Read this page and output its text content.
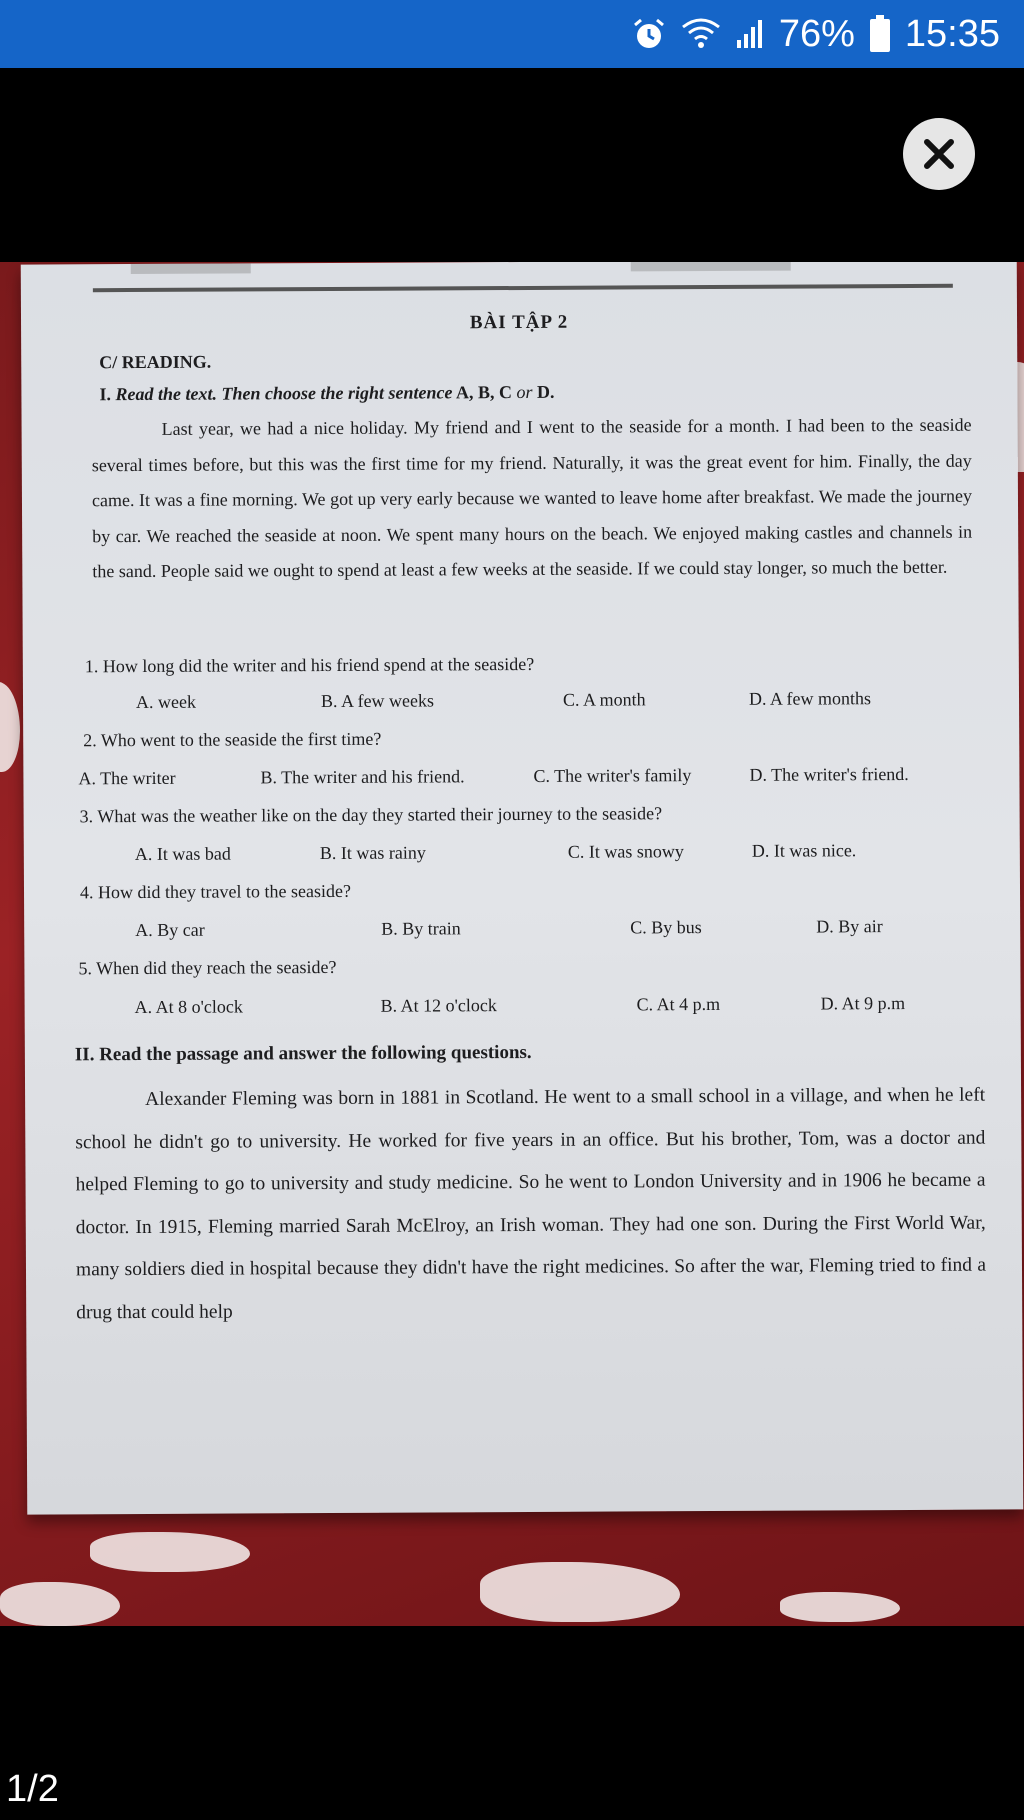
76% 15:35
BÀI TẬP 2
C/ READING.
I. Read the text. Then choose the right sentence A, B, C or D.
Last year, we had a nice holiday. My friend and I went to the seaside for a month. I had been to the seaside several times before, but this was the first time for my friend. Naturally, it was the great event for him. Finally, the day came. It was a fine morning. We got up very early because we wanted to leave home after breakfast. We made the journey by car. We reached the seaside at noon. We spent many hours on the beach. We enjoyed making castles and channels in the sand. People said we ought to spend at least a few weeks at the seaside. If we could stay longer, so much the better.
1. How long did the writer and his friend spend at the seaside?
A. week	B. A few weeks	C. A month	D. A few months
2. Who went to the seaside the first time?
A. The writer	B. The writer and his friend.	C. The writer's family	D. The writer's friend.
3. What was the weather like on the day they started their journey to the seaside?
A. It was bad	B. It was rainy	C. It was snowy	D. It was nice.
4. How did they travel to the seaside?
A. By car	B. By train	C. By bus	D. By air
5. When did they reach the seaside?
A. At 8 o'clock	B. At 12 o'clock	C. At 4 p.m	D. At 9 p.m
II. Read the passage and answer the following questions.
Alexander Fleming was born in 1881 in Scotland. He went to a small school in a village, and when he left school he didn't go to university. He worked for five years in an office. But his brother, Tom, was a doctor and helped Fleming to go to university and study medicine. So he went to London University and in 1906 he became a doctor. In 1915, Fleming married Sarah McElroy, an Irish woman. They had one son. During the First World War, many soldiers died in hospital because they didn't have the right medicines. So after the war, Fleming tried to find a drug that could help
1/2
